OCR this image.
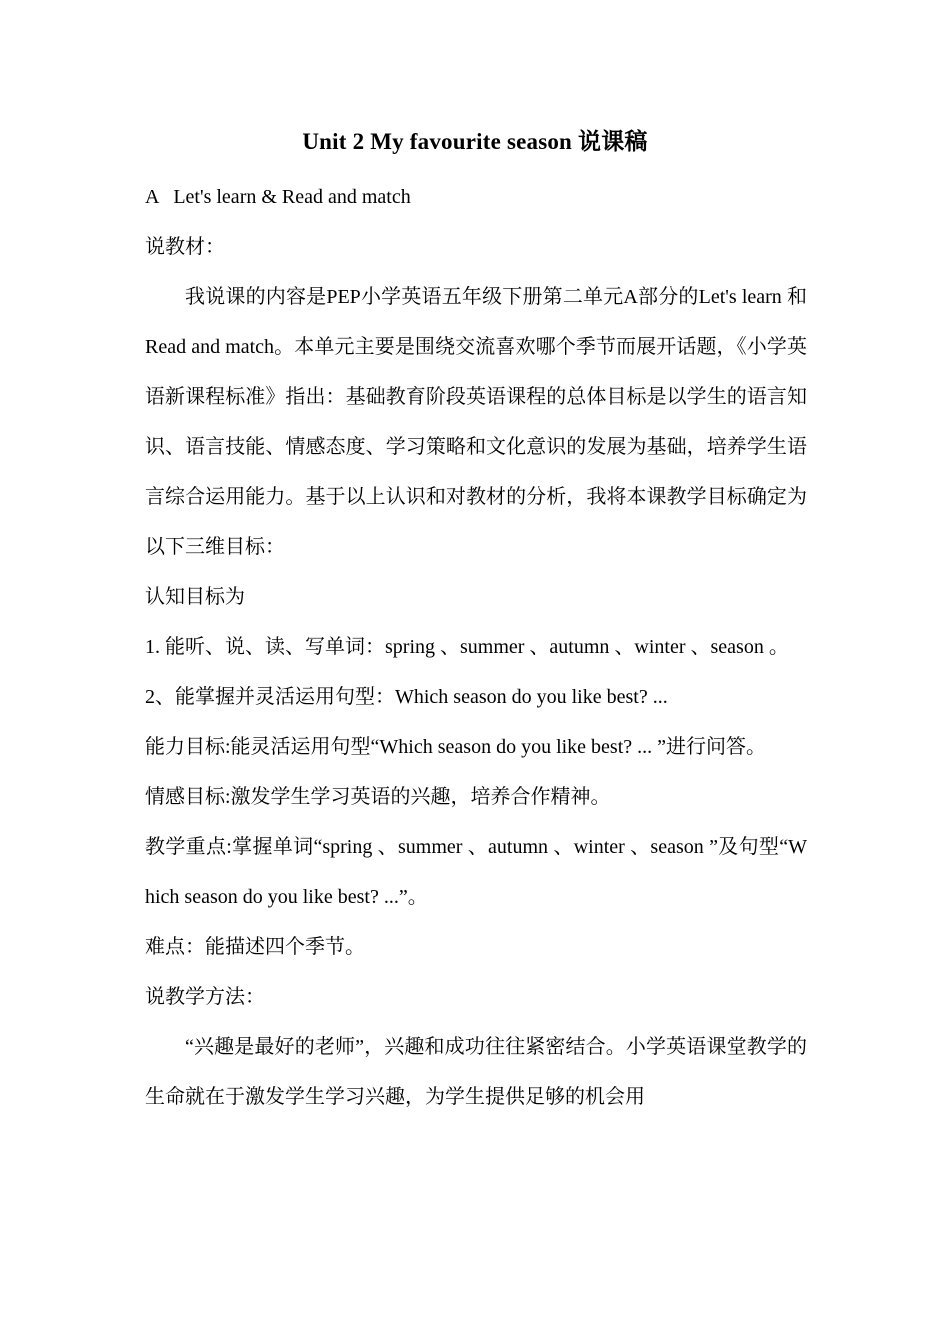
Unit 2 My favourite season 说课稿

A   Let's learn & Read and match

说教材：

我说课的内容是PEP小学英语五年级下册第二单元A部分的Let's learn 和 Read and match。本单元主要是围绕交流喜欢哪个季节而展开话题，《小学英语新课程标准》指出：基础教育阶段英语课程的总体目标是以学生的语言知识、语言技能、情感态度、学习策略和文化意识的发展为基础，培养学生语言综合运用能力。基于以上认识和对教材的分析，我将本课教学目标确定为以下三维目标：

认知目标为

1. 能听、说、读、写单词：spring 、summer 、autumn 、winter 、season 。

2、能掌握并灵活运用句型：Which season do you like best? ...

能力目标:能灵活运用句型“Which season do you like best? ... ”进行问答。

情感目标:激发学生学习英语的兴趣，培养合作精神。

教学重点:掌握单词“spring 、summer 、autumn 、winter 、season ”及句型“Which season do you like best? ...”。

难点：能描述四个季节。

说教学方法：

“兴趣是最好的老师”，兴趣和成功往往紧密结合。小学英语课堂教学的生命就在于激发学生学习兴趣，为学生提供足够的机会用
